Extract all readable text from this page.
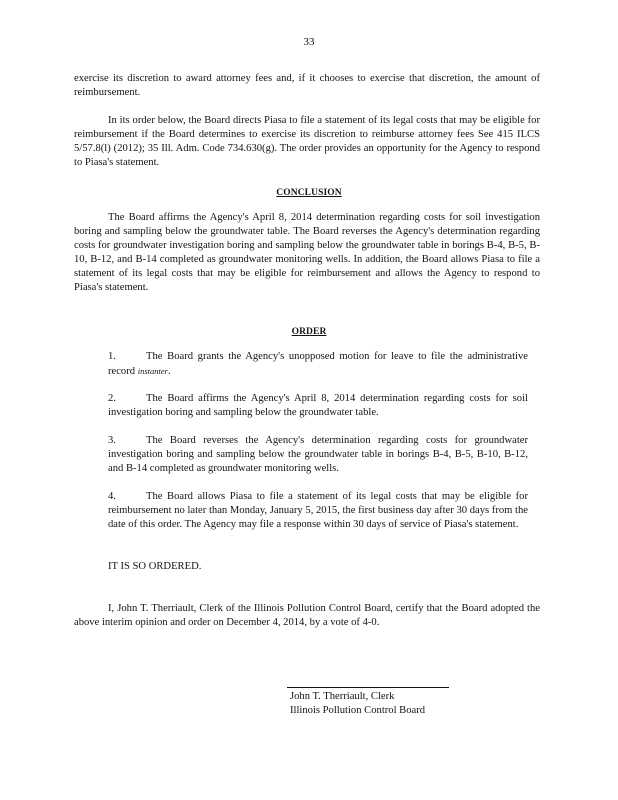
33

exercise its discretion to award attorney fees and, if it chooses to exercise that discretion, the amount of reimbursement.

In its order below, the Board directs Piasa to file a statement of its legal costs that may be eligible for reimbursement if the Board determines to exercise its discretion to reimburse attorney fees See 415 ILCS 5/57.8(l) (2012); 35 Ill. Adm. Code 734.630(g). The order provides an opportunity for the Agency to respond to Piasa's statement.

CONCLUSION

The Board affirms the Agency's April 8, 2014 determination regarding costs for soil investigation boring and sampling below the groundwater table. The Board reverses the Agency's determination regarding costs for groundwater investigation boring and sampling below the groundwater table in borings B-4, B-5, B-10, B-12, and B-14 completed as groundwater monitoring wells. In addition, the Board allows Piasa to file a statement of its legal costs that may be eligible for reimbursement and allows the Agency to respond to Piasa's statement.

ORDER

1.	The Board grants the Agency's unopposed motion for leave to file the administrative record instanter.

2.	The Board affirms the Agency's April 8, 2014 determination regarding costs for soil investigation boring and sampling below the groundwater table.

3.	The Board reverses the Agency's determination regarding costs for groundwater investigation boring and sampling below the groundwater table in borings B-4, B-5, B-10, B-12, and B-14 completed as groundwater monitoring wells.

4.	The Board allows Piasa to file a statement of its legal costs that may be eligible for reimbursement no later than Monday, January 5, 2015, the first business day after 30 days from the date of this order. The Agency may file a response within 30 days of service of Piasa's statement.

IT IS SO ORDERED.

I, John T. Therriault, Clerk of the Illinois Pollution Control Board, certify that the Board adopted the above interim opinion and order on December 4, 2014, by a vote of 4-0.

John T. Therriault, Clerk
Illinois Pollution Control Board
